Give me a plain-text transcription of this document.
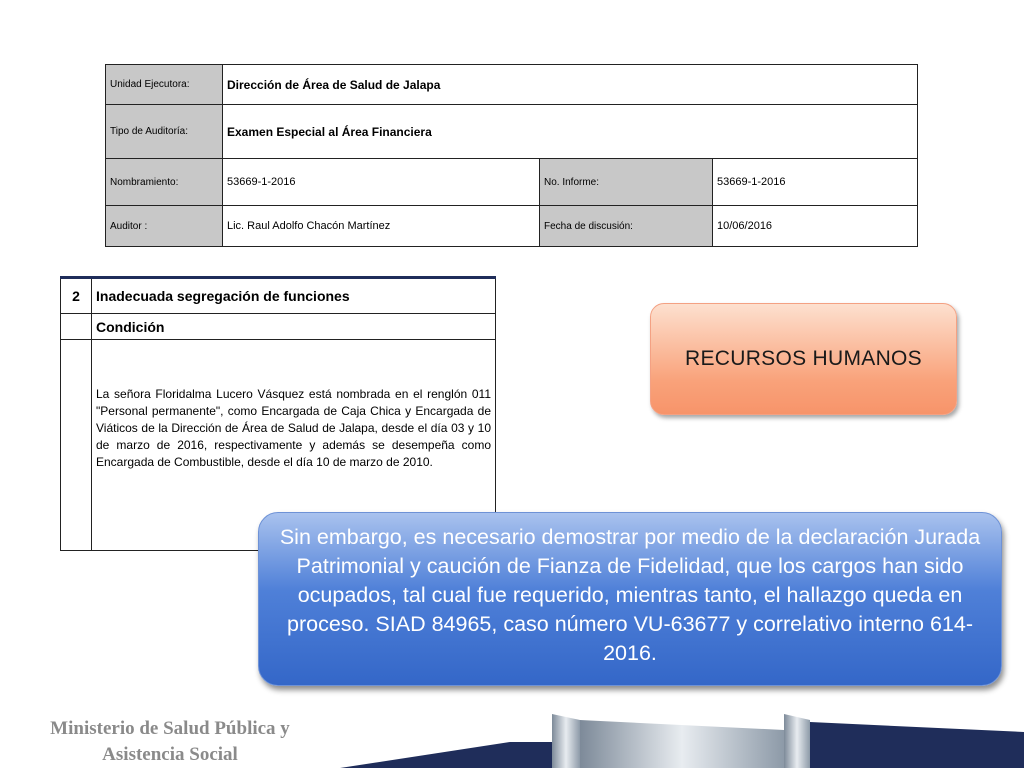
Unidad Ejecutora:	Dirección de Área de Salud de Jalapa		
Tipo de Auditoría:	Examen Especial al Área Financiera		
Nombramiento:	53669-1-2016	No. Informe:	53669-1-2016
Auditor :	Lic. Raul Adolfo Chacón Martínez	Fecha de discusión:	10/06/2016
2	Inadecuada segregación de funciones
	Condición
	La señora Floridalma Lucero Vásquez está nombrada en el renglón 011 "Personal permanente", como Encargada de Caja Chica y Encargada de Viáticos de la Dirección de Área de Salud de Jalapa, desde el día 03 y 10 de marzo de 2016, respectivamente y además se desempeña como Encargada de Combustible, desde el día 10 de marzo de 2010.
RECURSOS HUMANOS
Sin embargo, es necesario demostrar por medio de la declaración Jurada Patrimonial y caución de Fianza de Fidelidad, que los cargos han sido ocupados, tal cual fue requerido, mientras tanto, el hallazgo queda en proceso. SIAD 84965, caso número VU-63677 y correlativo interno 614-2016.
Ministerio de Salud Pública y
Asistencia Social
